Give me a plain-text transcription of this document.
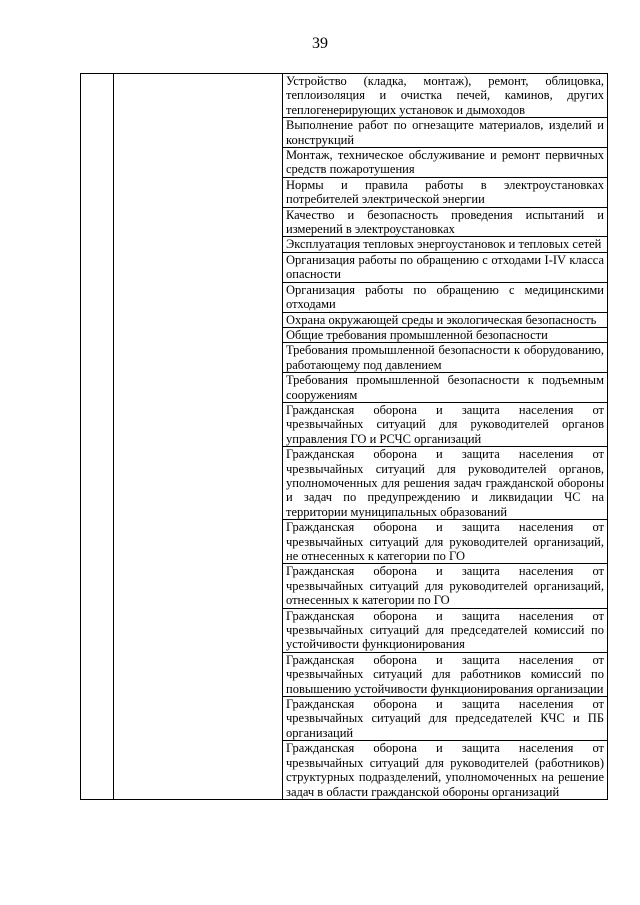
39
		Устройство (кладка, монтаж), ремонт, облицовка, теплоизоляция и очистка печей, каминов, других теплогенерирующих установок и дымоходов
Выполнение работ по огнезащите материалов, изделий и конструкций
Монтаж, техническое обслуживание и ремонт первичных средств пожаротушения
Нормы и правила работы в электроустановках потребителей электрической энергии
Качество и безопасность проведения испытаний и измерений в электроустановках
Эксплуатация тепловых энергоустановок и тепловых сетей
Организация работы по обращению с отходами I-IV класса опасности
Организация работы по обращению с медицинскими отходами
Охрана окружающей среды и экологическая безопасность
Общие требования промышленной безопасности
Требования промышленной безопасности к оборудованию, работающему под давлением
Требования промышленной безопасности к подъемным сооружениям
Гражданская оборона и защита населения от чрезвычайных ситуаций для руководителей органов управления ГО и РСЧС организаций
Гражданская оборона и защита населения от чрезвычайных ситуаций для руководителей органов, уполномоченных для решения задач гражданской обороны и задач по предупреждению и ликвидации ЧС на территории муниципальных образований
Гражданская оборона и защита населения от чрезвычайных ситуаций для руководителей организаций, не отнесенных к категории по ГО
Гражданская оборона и защита населения от чрезвычайных ситуаций для руководителей организаций, отнесенных к категории по ГО
Гражданская оборона и защита населения от чрезвычайных ситуаций для председателей комиссий по устойчивости функционирования
Гражданская оборона и защита населения от чрезвычайных ситуаций для работников комиссий по повышению устойчивости функционирования организации
Гражданская оборона и защита населения от чрезвычайных ситуаций для председателей КЧС и ПБ организаций
Гражданская оборона и защита населения от чрезвычайных ситуаций для руководителей (работников) структурных подразделений, уполномоченных на решение задач в области гражданской обороны организаций
